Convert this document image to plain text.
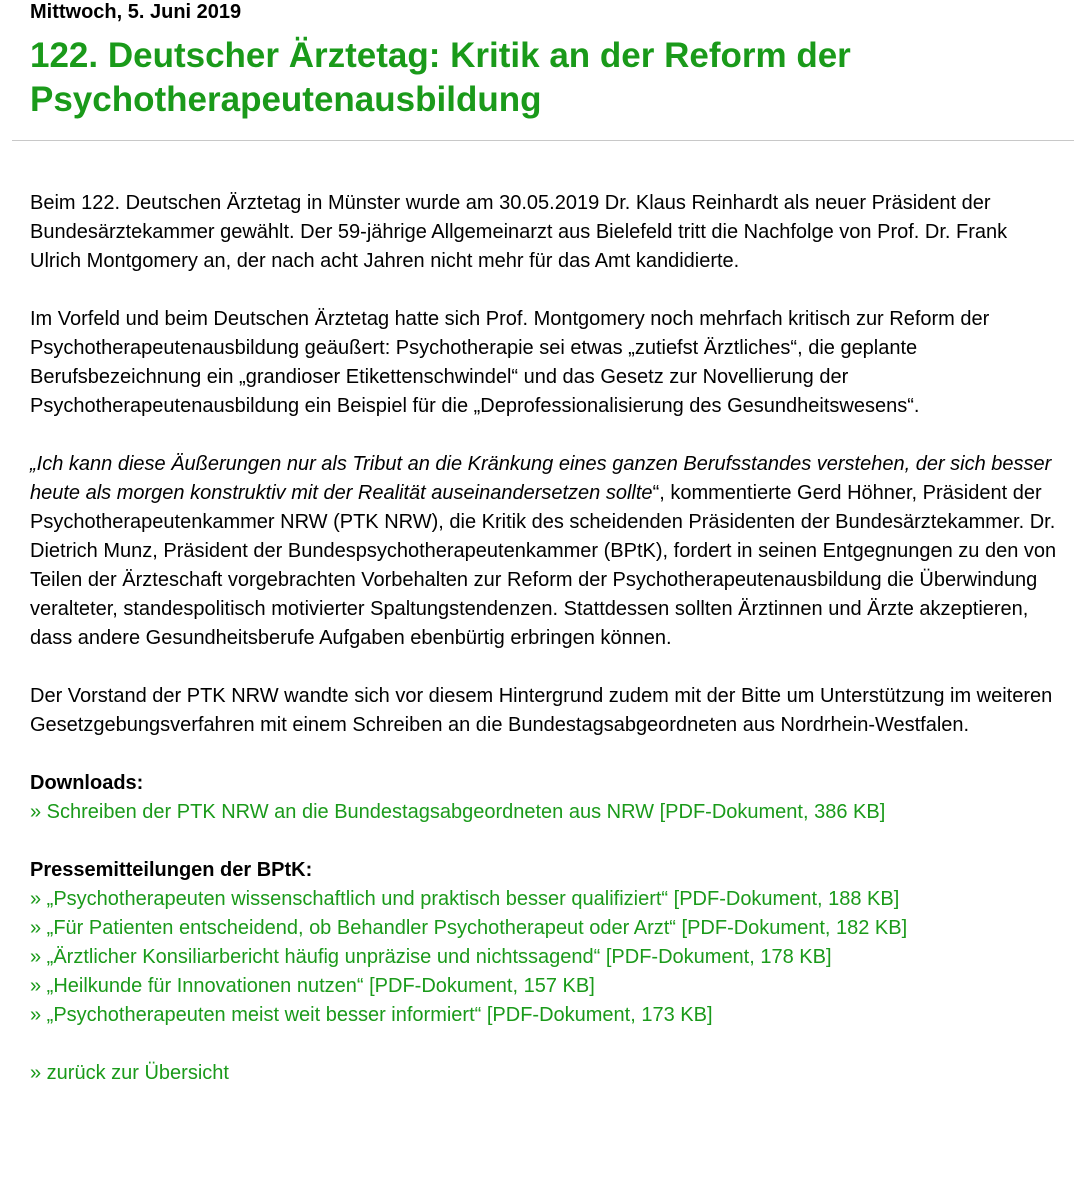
Mittwoch, 5. Juni 2019
122. Deutscher Ärztetag: Kritik an der Reform der Psychotherapeutenausbildung

Beim 122. Deutschen Ärztetag in Münster wurde am 30.05.2019 Dr. Klaus Reinhardt als neuer Präsident der Bundesärztekammer gewählt. Der 59-jährige Allgemeinarzt aus Bielefeld tritt die Nachfolge von Prof. Dr. Frank Ulrich Montgomery an, der nach acht Jahren nicht mehr für das Amt kandidierte.

Im Vorfeld und beim Deutschen Ärztetag hatte sich Prof. Montgomery noch mehrfach kritisch zur Reform der Psychotherapeutenausbildung geäußert: Psychotherapie sei etwas „zutiefst Ärztliches“, die geplante Berufsbezeichnung ein „grandioser Etikettenschwindel“ und das Gesetz zur Novellierung der Psychotherapeutenausbildung ein Beispiel für die „Deprofessionalisierung des Gesundheitswesens“.

„Ich kann diese Äußerungen nur als Tribut an die Kränkung eines ganzen Berufsstandes verstehen, der sich besser heute als morgen konstruktiv mit der Realität auseinandersetzen sollte“, kommentierte Gerd Höhner, Präsident der Psychotherapeutenkammer NRW (PTK NRW), die Kritik des scheidenden Präsidenten der Bundesärztekammer. Dr. Dietrich Munz, Präsident der Bundespsychotherapeutenkammer (BPtK), fordert in seinen Entgegnungen zu den von Teilen der Ärzteschaft vorgebrachten Vorbehalten zur Reform der Psychotherapeutenausbildung die Überwindung veralteter, standespolitisch motivierter Spaltungstendenzen. Stattdessen sollten Ärztinnen und Ärzte akzeptieren, dass andere Gesundheitsberufe Aufgaben ebenbürtig erbringen können.

Der Vorstand der PTK NRW wandte sich vor diesem Hintergrund zudem mit der Bitte um Unterstützung im weiteren Gesetzgebungsverfahren mit einem Schreiben an die Bundestagsabgeordneten aus Nordrhein-Westfalen.

Downloads:
» Schreiben der PTK NRW an die Bundestagsabgeordneten aus NRW [PDF-Dokument, 386 KB]
Pressemitteilungen der BPtK:
» „Psychotherapeuten wissenschaftlich und praktisch besser qualifiziert“ [PDF-Dokument, 188 KB]
» „Für Patienten entscheidend, ob Behandler Psychotherapeut oder Arzt“ [PDF-Dokument, 182 KB]
» „Ärztlicher Konsiliarbericht häufig unpräzise und nichtssagend“ [PDF-Dokument, 178 KB]
» „Heilkunde für Innovationen nutzen“ [PDF-Dokument, 157 KB]
» „Psychotherapeuten meist weit besser informiert“ [PDF-Dokument, 173 KB]
» zurück zur Übersicht
